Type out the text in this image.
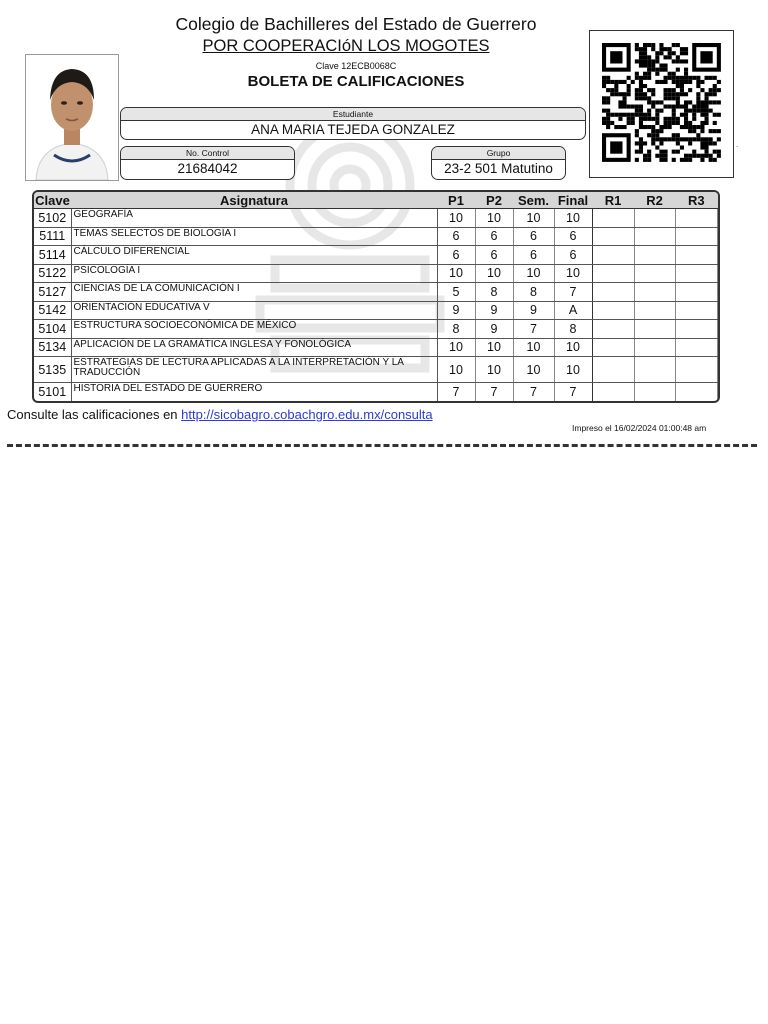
Colegio de Bachilleres del Estado de Guerrero
POR COOPERACIóN LOS MOGOTES
Clave 12ECB0068C
BOLETA DE CALIFICACIONES
.
Estudiante
ANA MARIA TEJEDA GONZALEZ
No. Control
21684042
Grupo
23-2 501 Matutino
Clave	Asignatura	P1	P2	Sem.	Final	R1	R2	R3
5102	GEOGRAFÍA	10	10	10	10			
5111	TEMAS SELECTOS DE BIOLOGÍA I	6	6	6	6			
5114	CÁLCULO DIFERENCIAL	6	6	6	6			
5122	PSICOLOGÍA I	10	10	10	10			
5127	CIENCIAS DE LA COMUNICACIÓN I	5	8	8	7			
5142	ORIENTACIÓN EDUCATIVA V	9	9	9	A			
5104	ESTRUCTURA SOCIOECONÓMICA DE MÉXICO	8	9	7	8			
5134	APLICACIÓN DE LA GRAMÁTICA INGLESA Y FONOLÓGICA	10	10	10	10			
5135	ESTRATEGIAS DE LECTURA APLICADAS A LA INTERPRETACIÓN Y LA TRADUCCIÓN	10	10	10	10			
5101	HISTORIA DEL ESTADO DE GUERRERO	7	7	7	7			
Consulte las calificaciones en http://sicobagro.cobachgro.edu.mx/consulta
Impreso el 16/02/2024 01:00:48 am
